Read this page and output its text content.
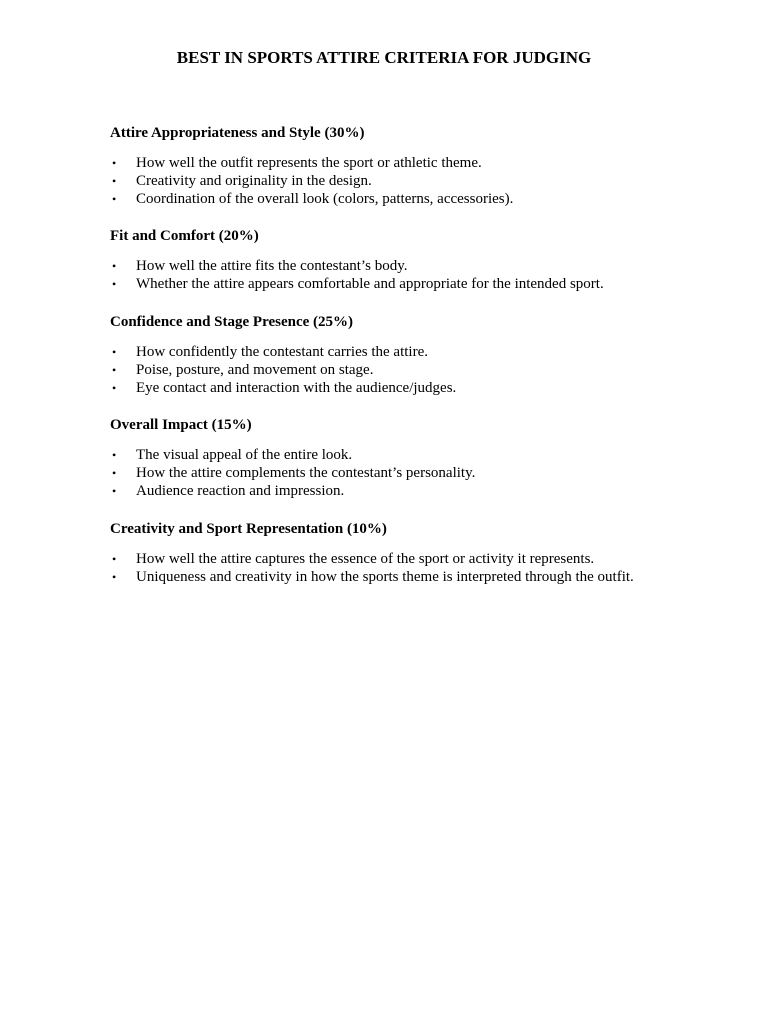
BEST IN SPORTS ATTIRE CRITERIA FOR JUDGING

Attire Appropriateness and Style (30%)

• How well the outfit represents the sport or athletic theme.
• Creativity and originality in the design.
• Coordination of the overall look (colors, patterns, accessories).

Fit and Comfort (20%)

• How well the attire fits the contestant’s body.
• Whether the attire appears comfortable and appropriate for the intended sport.

Confidence and Stage Presence (25%)

• How confidently the contestant carries the attire.
• Poise, posture, and movement on stage.
• Eye contact and interaction with the audience/judges.

Overall Impact (15%)

• The visual appeal of the entire look.
• How the attire complements the contestant’s personality.
• Audience reaction and impression.

Creativity and Sport Representation (10%)

• How well the attire captures the essence of the sport or activity it represents.
• Uniqueness and creativity in how the sports theme is interpreted through the outfit.
